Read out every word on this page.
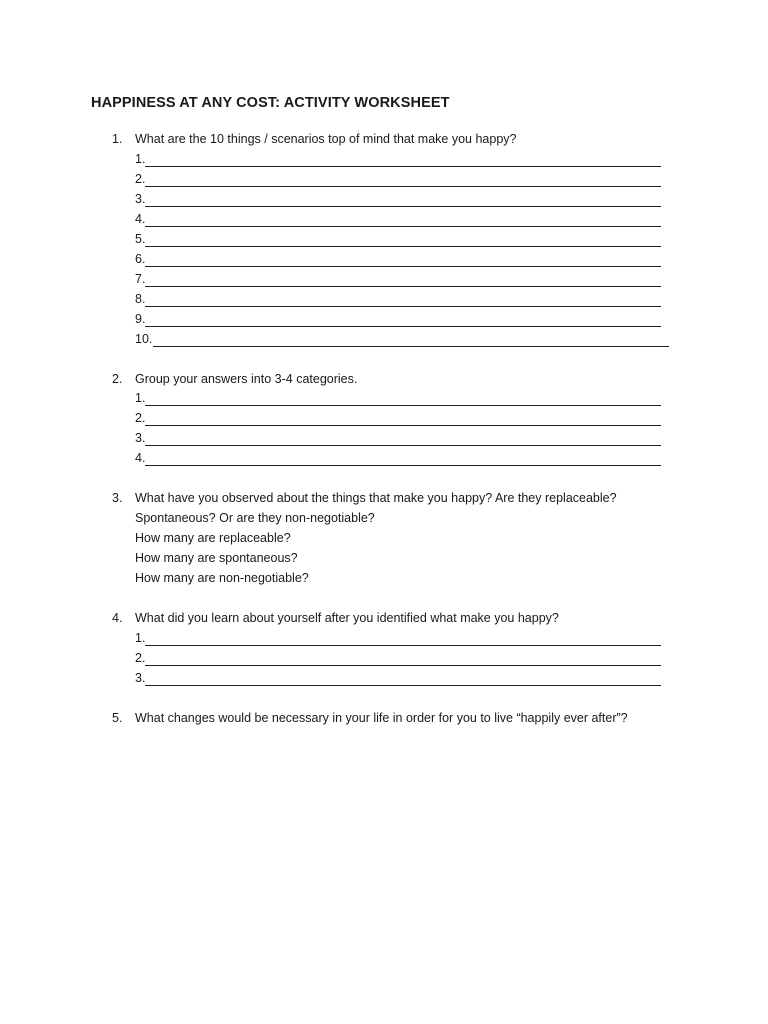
HAPPINESS AT ANY COST: ACTIVITY WORKSHEET
1. What are the 10 things / scenarios top of mind that make you happy?
1.
2.
3.
4.
5.
6.
7.
8.
9.
10.
2. Group your answers into 3-4 categories.
1.
2.
3.
4.
3. What have you observed about the things that make you happy? Are they replaceable?
Spontaneous? Or are they non-negotiable?
How many are replaceable?
How many are spontaneous?
How many are non-negotiable?
4. What did you learn about yourself after you identified what make you happy?
1.
2.
3.
5. What changes would be necessary in your life in order for you to live “happily ever after”?
